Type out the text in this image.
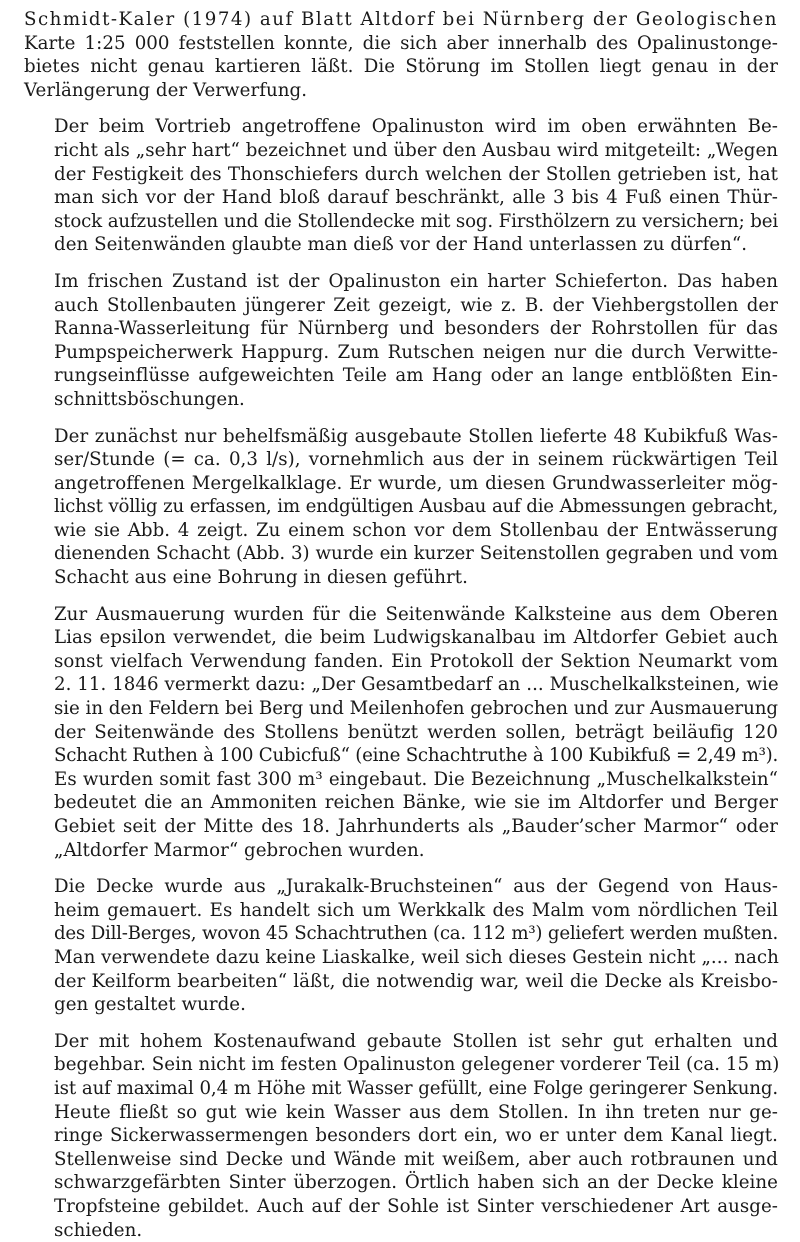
Schmidt-Kaler (1974) auf Blatt Altdorf bei Nürnberg der Geologischen
Karte 1:25 000 feststellen konnte, die sich aber innerhalb des Opalinustonge-
bietes nicht genau kartieren läßt. Die Störung im Stollen liegt genau in der
Verlängerung der Verwerfung.

Der beim Vortrieb angetroffene Opalinuston wird im oben erwähnten Be-
richt als „sehr hart“ bezeichnet und über den Ausbau wird mitgeteilt: „Wegen
der Festigkeit des Thonschiefers durch welchen der Stollen getrieben ist, hat
man sich vor der Hand bloß darauf beschränkt, alle 3 bis 4 Fuß einen Thür-
stock aufzustellen und die Stollendecke mit sog. Firsthölzern zu versichern; bei
den Seitenwänden glaubte man dieß vor der Hand unterlassen zu dürfen“.

Im frischen Zustand ist der Opalinuston ein harter Schieferton. Das haben
auch Stollenbauten jüngerer Zeit gezeigt, wie z. B. der Viehbergstollen der
Ranna-Wasserleitung für Nürnberg und besonders der Rohrstollen für das
Pumpspeicherwerk Happurg. Zum Rutschen neigen nur die durch Verwitte-
rungseinflüsse aufgeweichten Teile am Hang oder an lange entblößten Ein-
schnittsböschungen.

Der zunächst nur behelfsmäßig ausgebaute Stollen lieferte 48 Kubikfuß Was-
ser/Stunde (= ca. 0,3 l/s), vornehmlich aus der in seinem rückwärtigen Teil
angetroffenen Mergelkalklage. Er wurde, um diesen Grundwasserleiter mög-
lichst völlig zu erfassen, im endgültigen Ausbau auf die Abmessungen gebracht,
wie sie Abb. 4 zeigt. Zu einem schon vor dem Stollenbau der Entwässerung
dienenden Schacht (Abb. 3) wurde ein kurzer Seitenstollen gegraben und vom
Schacht aus eine Bohrung in diesen geführt.

Zur Ausmauerung wurden für die Seitenwände Kalksteine aus dem Oberen
Lias epsilon verwendet, die beim Ludwigskanalbau im Altdorfer Gebiet auch
sonst vielfach Verwendung fanden. Ein Protokoll der Sektion Neumarkt vom
2. 11. 1846 vermerkt dazu: „Der Gesamtbedarf an ... Muschelkalksteinen, wie
sie in den Feldern bei Berg und Meilenhofen gebrochen und zur Ausmauerung
der Seitenwände des Stollens benützt werden sollen, beträgt beiläufig 120
Schacht Ruthen à 100 Cubicfuß“ (eine Schachtruthe à 100 Kubikfuß = 2,49 m³).
Es wurden somit fast 300 m³ eingebaut. Die Bezeichnung „Muschelkalkstein“
bedeutet die an Ammoniten reichen Bänke, wie sie im Altdorfer und Berger
Gebiet seit der Mitte des 18. Jahrhunderts als „Bauder’scher Marmor“ oder
„Altdorfer Marmor“ gebrochen wurden.

Die Decke wurde aus „Jurakalk-Bruchsteinen“ aus der Gegend von Haus-
heim gemauert. Es handelt sich um Werkkalk des Malm vom nördlichen Teil
des Dill-Berges, wovon 45 Schachtruthen (ca. 112 m³) geliefert werden mußten.
Man verwendete dazu keine Liaskalke, weil sich dieses Gestein nicht „... nach
der Keilform bearbeiten“ läßt, die notwendig war, weil die Decke als Kreisbo-
gen gestaltet wurde.

Der mit hohem Kostenaufwand gebaute Stollen ist sehr gut erhalten und
begehbar. Sein nicht im festen Opalinuston gelegener vorderer Teil (ca. 15 m)
ist auf maximal 0,4 m Höhe mit Wasser gefüllt, eine Folge geringerer Senkung.

Heute fließt so gut wie kein Wasser aus dem Stollen. In ihn treten nur ge-
ringe Sickerwassermengen besonders dort ein, wo er unter dem Kanal liegt.
Stellenweise sind Decke und Wände mit weißem, aber auch rotbraunen und
schwarzgefärbten Sinter überzogen. Örtlich haben sich an der Decke kleine
Tropfsteine gebildet. Auch auf der Sohle ist Sinter verschiedener Art ausge-
schieden.
